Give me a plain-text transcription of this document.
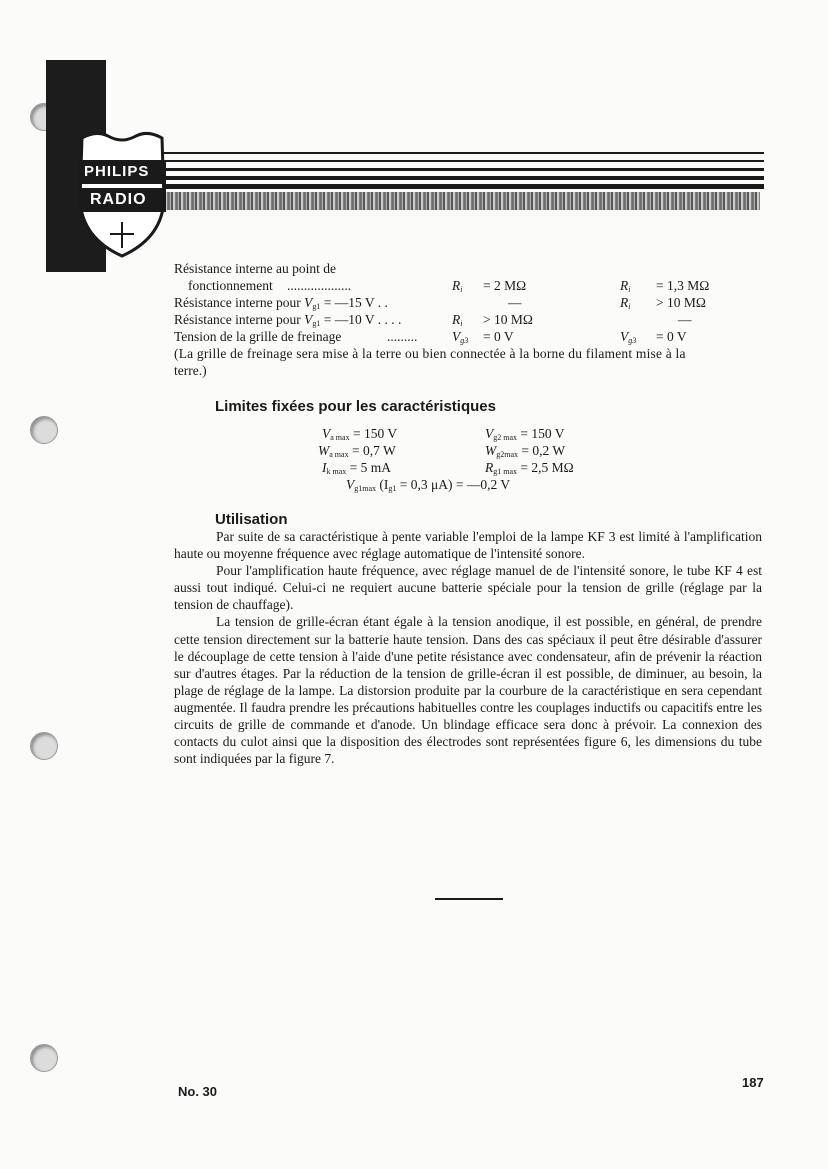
PHILIPS
RADIO
Résistance interne au point de
fonctionnement ...................	$R_i = 2$ MΩ	$R_i = 1,3$ MΩ
Résistance interne pour $V_{g1}$ = —15 V . .	—	$R_i > 10$ MΩ
Résistance interne pour $V_{g1}$ = —10 V . . . .	$R_i > 10$ MΩ	—
Tension de la grille de freinage	.........	$V_{g3} = 0$ V	$V_{g3} = 0$ V
(La grille de freinage sera mise à la terre ou bien connectée à la borne du filament mise à la
terre.)
Limites fixées pour les caractéristiques
$V_{a max} = 150$ V	$V_{g2 max} = 150$ V
$W_{a max} = 0,7$ W	$W_{g2max} = 0,2$ W
$I_{k max} = 5$ mA	$R_{g1 max} = 2,5$ MΩ
$V_{g1max}$ ($I_{g1} = 0,3$ μA) = —0,2 V
Utilisation

Par suite de sa caractéristique à pente variable l'emploi de la lampe KF 3 est limité à l'amplification haute ou moyenne fréquence avec réglage automatique de l'intensité sonore.

Pour l'amplification haute fréquence, avec réglage manuel de de l'intensité sonore, le tube KF 4 est aussi tout indiqué. Celui-ci ne requiert aucune batterie spéciale pour la tension de grille (réglage par la tension de chauffage).

La tension de grille-écran étant égale à la tension anodique, il est possible, en général, de prendre cette tension directement sur la batterie haute tension. Dans des cas spéciaux il peut être désirable d'assurer le découplage de cette tension à l'aide d'une petite résistance avec condensateur, afin de prévenir la réaction sur d'autres étages. Par la réduction de la tension de grille-écran il est possible, de diminuer, au besoin, la plage de réglage de la lampe. La distorsion produite par la courbure de la caractéristique en sera cependant augmentée. Il faudra prendre les précautions habituelles contre les couplages inductifs ou capacitifs entre les circuits de grille de commande et d'anode. Un blindage efficace sera donc à prévoir. La connexion des contacts du culot ainsi que la disposition des électrodes sont représentées figure 6, les dimensions du tube sont indiquées par la figure 7.

No. 30
187
